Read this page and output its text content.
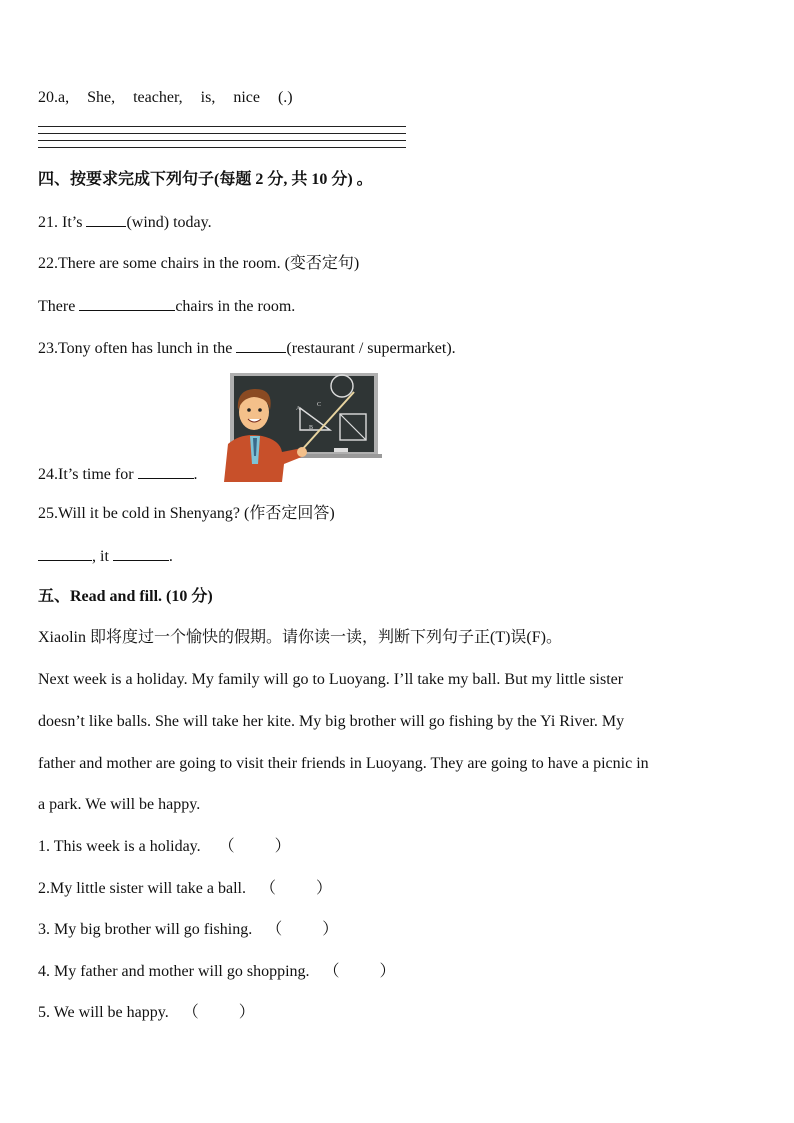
20.a, She, teacher, is, nice (.)
四、按要求完成下列句子(每题 2 分, 共 10 分) 。
21. It’s	(wind) today.
22.There are some chairs in the room. (变否定句)
There	chairs in the room.
23.Tony often has lunch in the	(restaurant / supermarket).
A
C
B
24.It’s time for	.
25.Will it be cold in Shenyang? (作否定回答)
, it	.
五、Read and fill. (10 分)
Xiaolin 即将度过一个愉快的假期。请你读一读，判断下列句子正(T)误(F)。
Next week is a holiday. My family will go to Luoyang. I’ll take my ball. But my little sister
doesn’t like balls. She will take her kite. My big brother will go fishing by the Yi River. My
father and mother are going to visit their friends in Luoyang. They are going to have a picnic in
a park. We will be happy.
1. This week is a holiday. （          ）
2.My little sister will take a ball. （          ）
3. My big brother will go fishing. （          ）
4. My father and mother will go shopping. （          ）
5. We will be happy. （          ）
